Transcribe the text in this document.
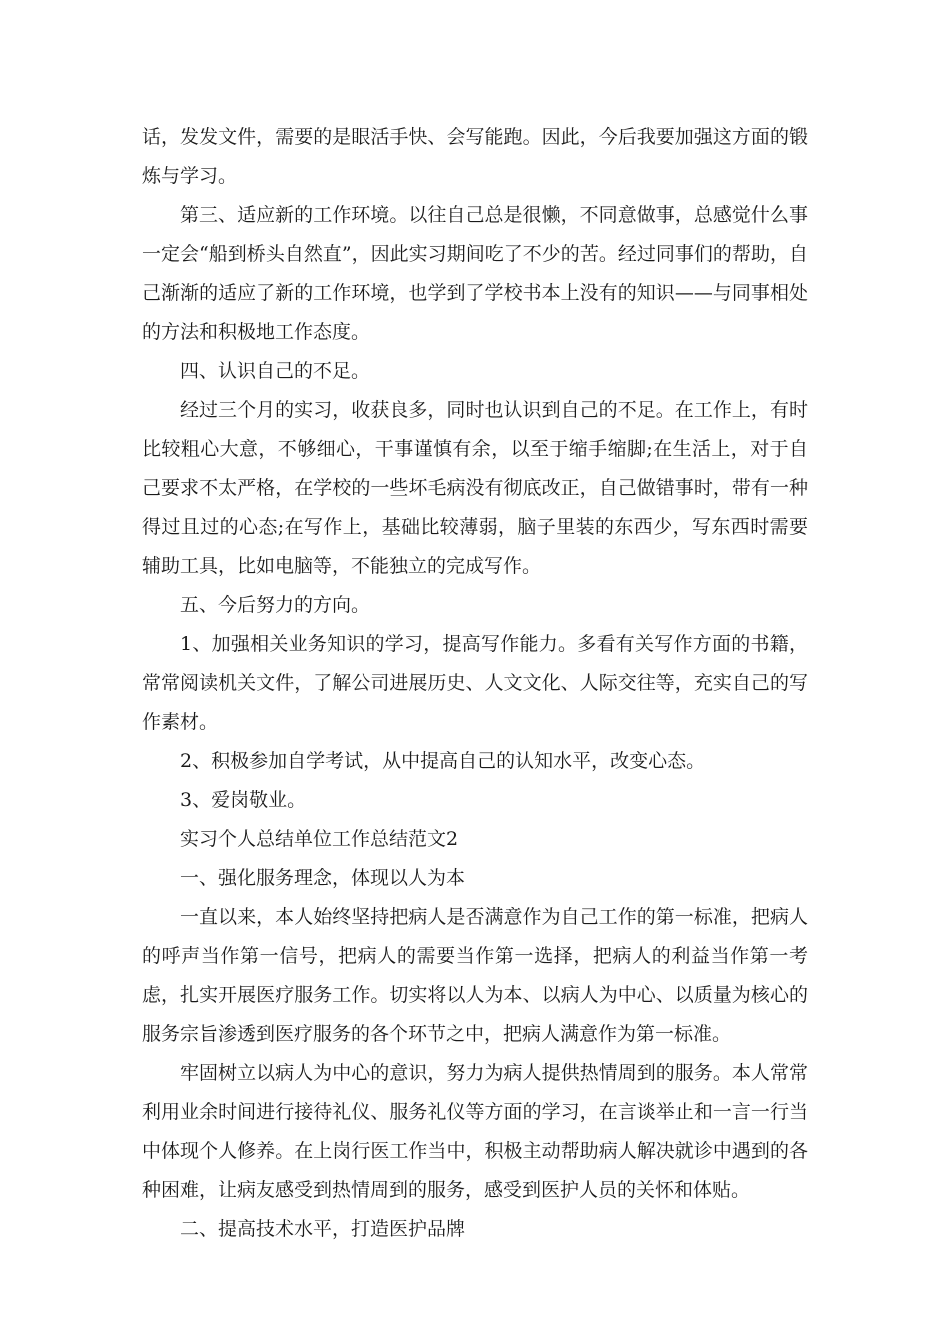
话，发发文件，需要的是眼活手快、会写能跑。因此，今后我要加强这方面的锻炼与学习。

第三、适应新的工作环境。以往自己总是很懒，不同意做事，总感觉什么事一定会“船到桥头自然直”，因此实习期间吃了不少的苦。经过同事们的帮助，自己渐渐的适应了新的工作环境，也学到了学校书本上没有的知识——与同事相处的方法和积极地工作态度。

四、认识自己的不足。

经过三个月的实习，收获良多，同时也认识到自己的不足。在工作上，有时比较粗心大意，不够细心，干事谨慎有余，以至于缩手缩脚;在生活上，对于自己要求不太严格，在学校的一些坏毛病没有彻底改正，自己做错事时，带有一种得过且过的心态;在写作上，基础比较薄弱，脑子里装的东西少，写东西时需要辅助工具，比如电脑等，不能独立的完成写作。

五、今后努力的方向。

1、加强相关业务知识的学习，提高写作能力。多看有关写作方面的书籍，常常阅读机关文件，了解公司进展历史、人文文化、人际交往等，充实自己的写作素材。

2、积极参加自学考试，从中提高自己的认知水平，改变心态。

3、爱岗敬业。

实习个人总结单位工作总结范文2

一、强化服务理念，体现以人为本

一直以来，本人始终坚持把病人是否满意作为自己工作的第一标准，把病人的呼声当作第一信号，把病人的需要当作第一选择，把病人的利益当作第一考虑，扎实开展医疗服务工作。切实将以人为本、以病人为中心、以质量为核心的服务宗旨渗透到医疗服务的各个环节之中，把病人满意作为第一标准。

牢固树立以病人为中心的意识，努力为病人提供热情周到的服务。本人常常利用业余时间进行接待礼仪、服务礼仪等方面的学习，在言谈举止和一言一行当中体现个人修养。在上岗行医工作当中，积极主动帮助病人解决就诊中遇到的各种困难，让病友感受到热情周到的服务，感受到医护人员的关怀和体贴。

二、提高技术水平，打造医护品牌
